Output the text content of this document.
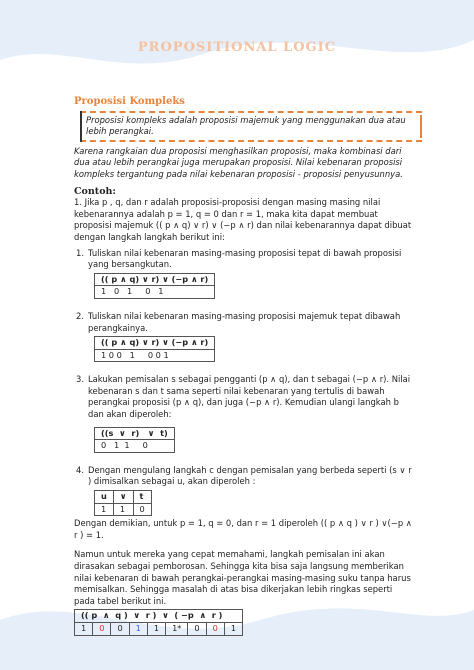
PROPOSITIONAL LOGIC
Proposisi Kompleks
Proposisi kompleks adalah proposisi majemuk yang menggunakan dua atau lebih perangkai.
Karena rangkaian dua proposisi menghasilkan proposisi, maka kombinasi dari dua atau lebih perangkai juga merupakan proposisi. Nilai kebenaran proposisi kompleks tergantung pada nilai kebenaran proposisi - proposisi penyusunnya.
Contoh:
1. Jika p , q, dan r adalah proposisi-proposisi dengan masing masing nilai kebenarannya adalah p = 1, q = 0 dan r = 1, maka kita dapat membuat proposisi majemuk (( p ∧ q) ∨ r) ∨ (−p ∧ r) dan nilai kebenarannya dapat dibuat dengan langkah langkah berikut ini:
1. Tuliskan nilai kebenaran masing-masing proposisi tepat di bawah proposisi yang bersangkutan.
(( p ∧ q) ∨ r) ∨ (−p ∧ r)
1   0   1     0   1
2. Tuliskan nilai kebenaran masing-masing proposisi majemuk tepat dibawah perangkainya.
(( p ∧ q) ∨ r) ∨ (−p ∧ r)
1 0 0   1     0 0 1
3. Lakukan pemisalan s sebagai pengganti (p ∧ q), dan t sebagai (−p ∧ r). Nilai kebenaran s dan t sama seperti nilai kebenaran yang tertulis di bawah perangkai proposisi (p ∧ q), dan juga (−p ∧ r). Kemudian ulangi langkah b dan akan diperoleh:
((s  ∨  r)   ∨  t)
0   1  1     0
4. Dengan mengulang langkah c dengan pemisalan yang berbeda seperti (s ∨ r ) dimisalkan sebagai u, akan diperoleh :
u	∨	t
1	1	0
Dengan demikian, untuk p = 1, q = 0, dan r = 1 diperoleh (( p ∧ q ) ∨ r ) ∨(−p ∧ r ) = 1.
Namun untuk mereka yang cepat memahami, langkah pemisalan ini akan dirasakan sebagai pemborosan. Sehingga kita bisa saja langsung memberikan nilai kebenaran di bawah perangkai-perangkai masing-masing suku tanpa harus memisalkan. Sehingga masalah di atas bisa dikerjakan lebih ringkas seperti pada tabel berikut ini.
(( p  ∧  q )  ∨  r )  ∨  ( −p  ∧  r )
1	0	0	1	1	1*	0	0	1
